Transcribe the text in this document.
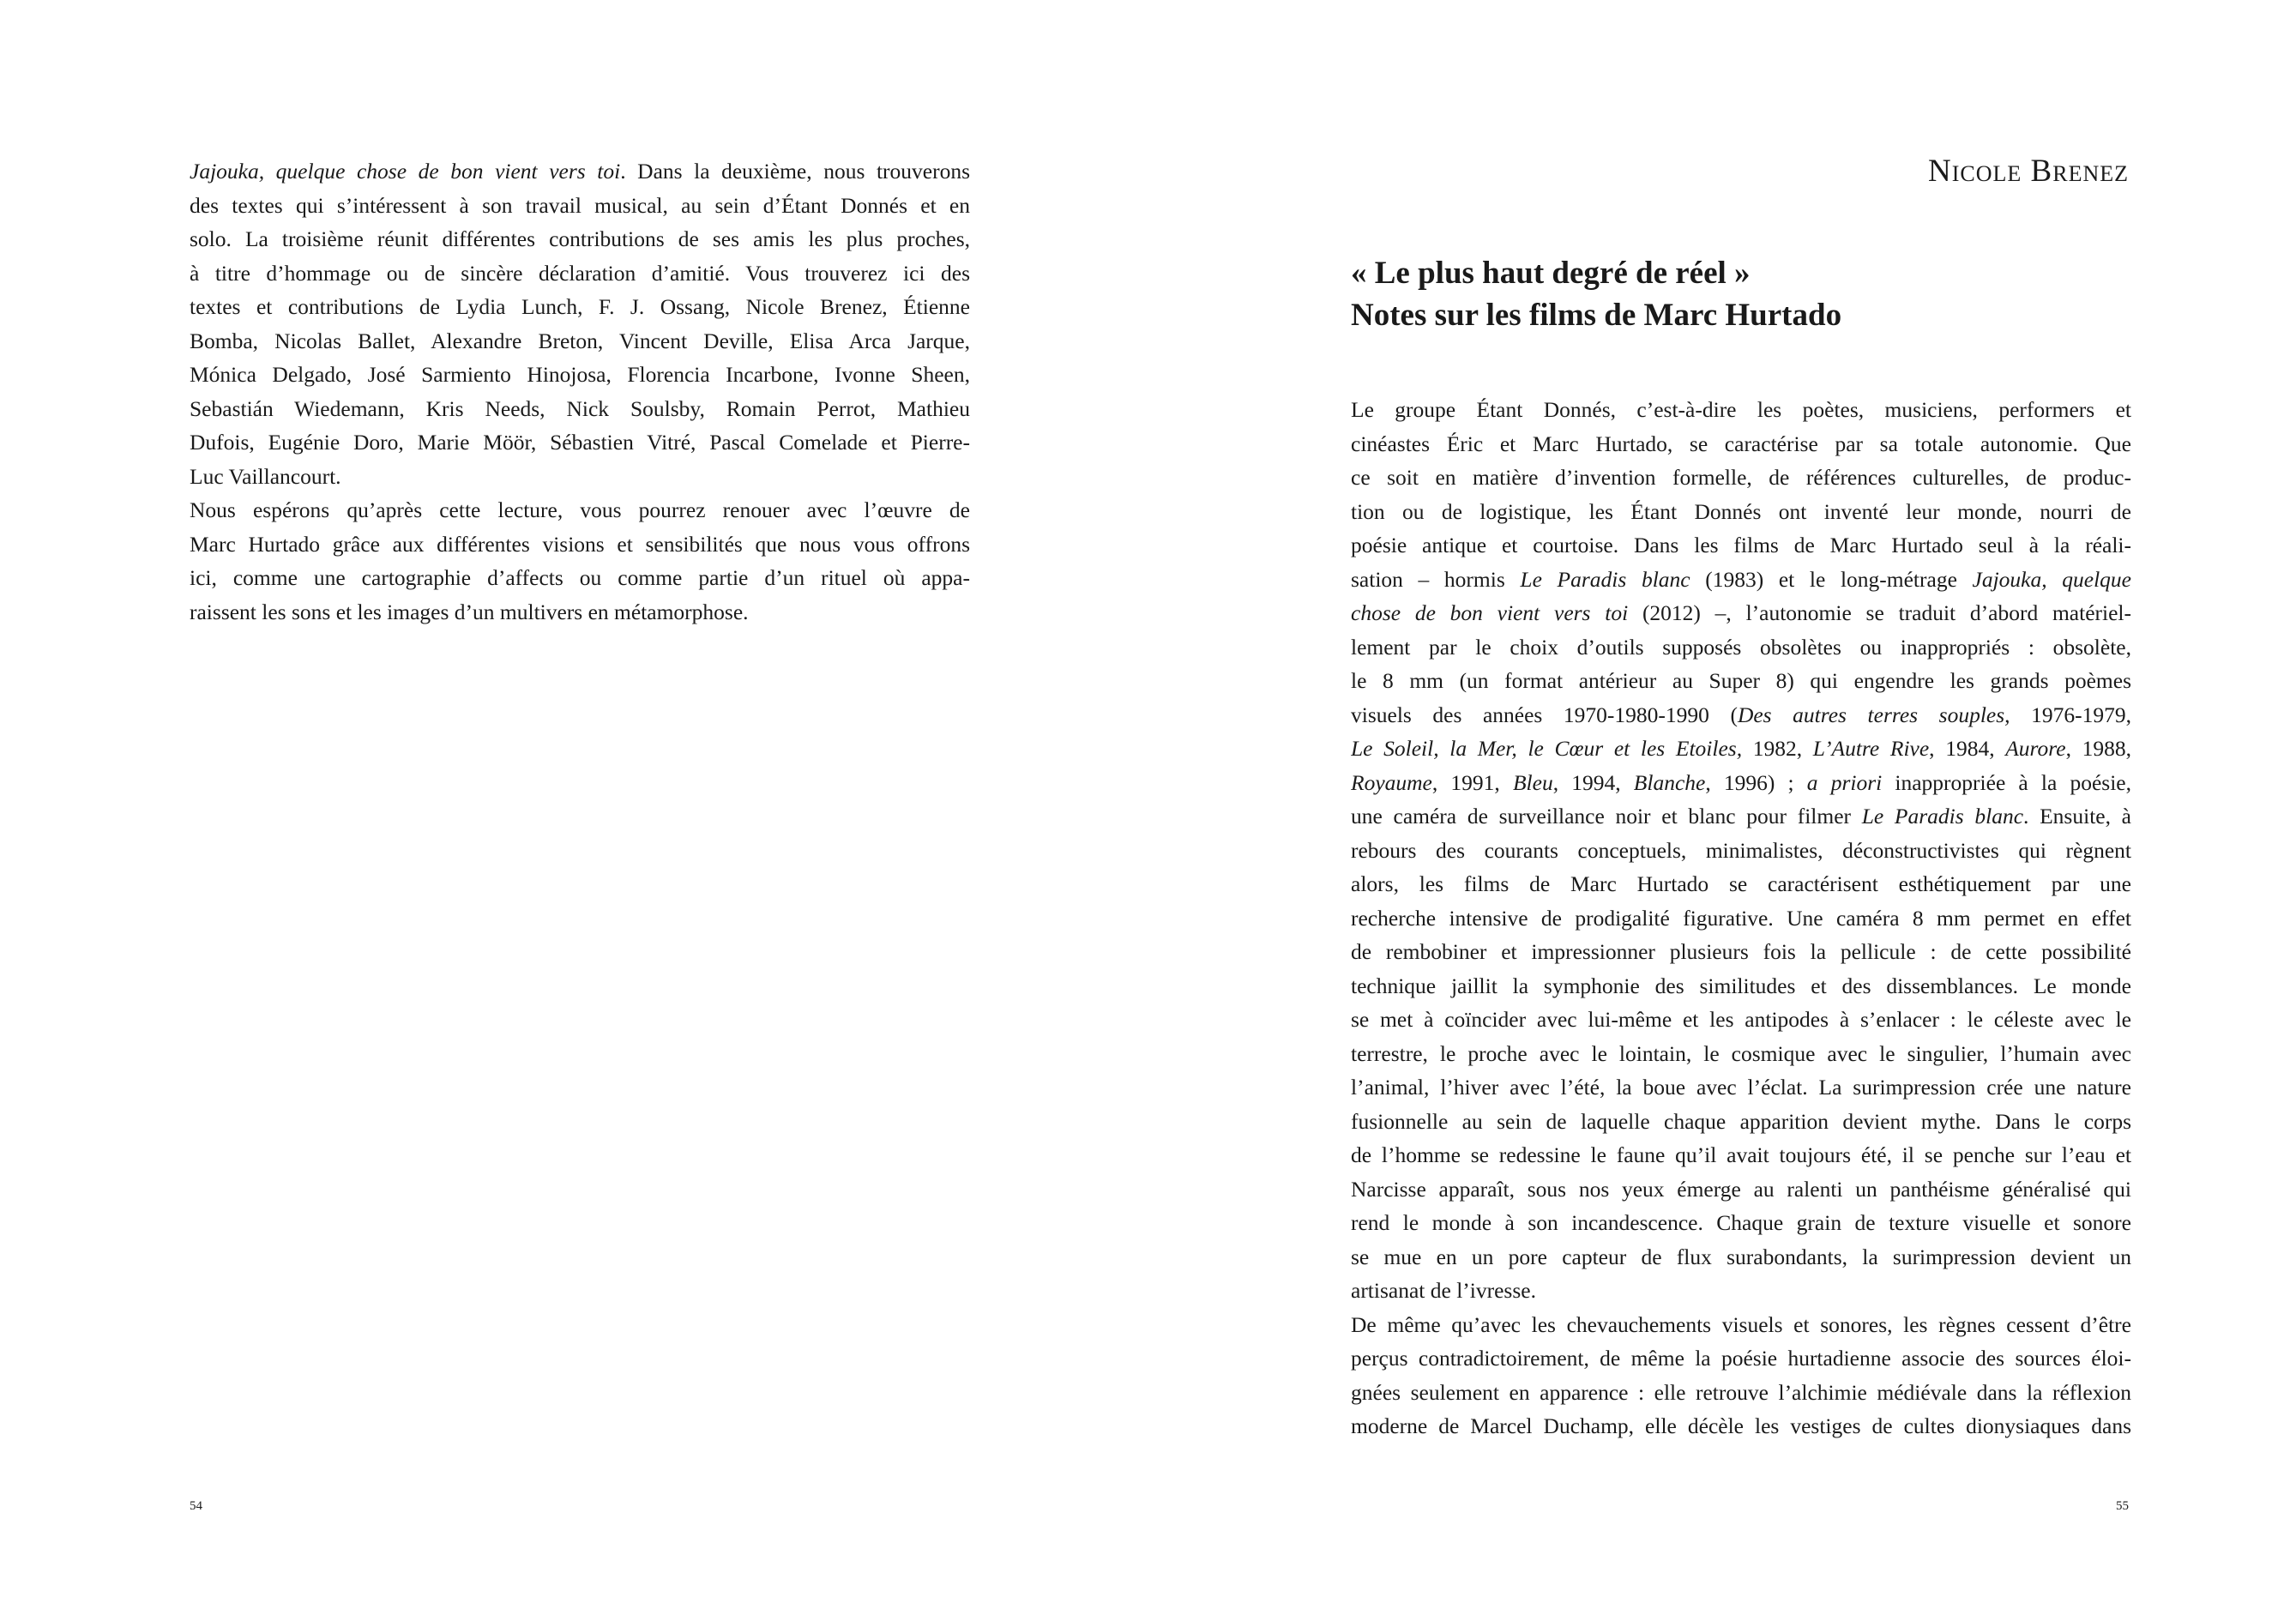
Jajouka, quelque chose de bon vient vers toi. Dans la deuxième, nous trouverons
des textes qui s’intéressent à son travail musical, au sein d’Étant Donnés et en
solo. La troisième réunit différentes contributions de ses amis les plus proches,
à titre d’hommage ou de sincère déclaration d’amitié. Vous trouverez ici des
textes et contributions de Lydia Lunch, F. J. Ossang, Nicole Brenez, Étienne
Bomba, Nicolas Ballet, Alexandre Breton, Vincent Deville, Elisa Arca Jarque,
Mónica Delgado, José Sarmiento Hinojosa, Florencia Incarbone, Ivonne Sheen,
Sebastián Wiedemann, Kris Needs, Nick Soulsby, Romain Perrot, Mathieu
Dufois, Eugénie Doro, Marie Möör, Sébastien Vitré, Pascal Comelade et Pierre-
Luc Vaillancourt.
Nous espérons qu’après cette lecture, vous pourrez renouer avec l’œuvre de
Marc Hurtado grâce aux différentes visions et sensibilités que nous vous offrons
ici, comme une cartographie d’affects ou comme partie d’un rituel où appa-
raissent les sons et les images d’un multivers en métamorphose.
Nicole Brenez
« Le plus haut degré de réel »
Notes sur les films de Marc Hurtado
Le groupe Étant Donnés, c’est-à-dire les poètes, musiciens, performers et
cinéastes Éric et Marc Hurtado, se caractérise par sa totale autonomie. Que
ce soit en matière d’invention formelle, de références culturelles, de produc-
tion ou de logistique, les Étant Donnés ont inventé leur monde, nourri de
poésie antique et courtoise. Dans les films de Marc Hurtado seul à la réali-
sation – hormis Le Paradis blanc (1983) et le long-métrage Jajouka, quelque
chose de bon vient vers toi (2012) –, l’autonomie se traduit d’abord matériel-
lement par le choix d’outils supposés obsolètes ou inappropriés : obsolète,
le 8 mm (un format antérieur au Super 8) qui engendre les grands poèmes
visuels des années 1970-1980-1990 (Des autres terres souples, 1976-1979,
Le Soleil, la Mer, le Cœur et les Etoiles, 1982, L’Autre Rive, 1984, Aurore, 1988,
Royaume, 1991, Bleu, 1994, Blanche, 1996) ; a priori inappropriée à la poésie,
une caméra de surveillance noir et blanc pour filmer Le Paradis blanc. Ensuite, à
rebours des courants conceptuels, minimalistes, déconstructivistes qui règnent
alors, les films de Marc Hurtado se caractérisent esthétiquement par une
recherche intensive de prodigalité figurative. Une caméra 8 mm permet en effet
de rembobiner et impressionner plusieurs fois la pellicule : de cette possibilité
technique jaillit la symphonie des similitudes et des dissemblances. Le monde
se met à coïncider avec lui-même et les antipodes à s’enlacer : le céleste avec le
terrestre, le proche avec le lointain, le cosmique avec le singulier, l’humain avec
l’animal, l’hiver avec l’été, la boue avec l’éclat. La surimpression crée une nature
fusionnelle au sein de laquelle chaque apparition devient mythe. Dans le corps
de l’homme se redessine le faune qu’il avait toujours été, il se penche sur l’eau et
Narcisse apparaît, sous nos yeux émerge au ralenti un panthéisme généralisé qui
rend le monde à son incandescence. Chaque grain de texture visuelle et sonore
se mue en un pore capteur de flux surabondants, la surimpression devient un
artisanat de l’ivresse.
De même qu’avec les chevauchements visuels et sonores, les règnes cessent d’être
perçus contradictoirement, de même la poésie hurtadienne associe des sources éloi-
gnées seulement en apparence : elle retrouve l’alchimie médiévale dans la réflexion
moderne de Marcel Duchamp, elle décèle les vestiges de cultes dionysiaques dans
54	55
